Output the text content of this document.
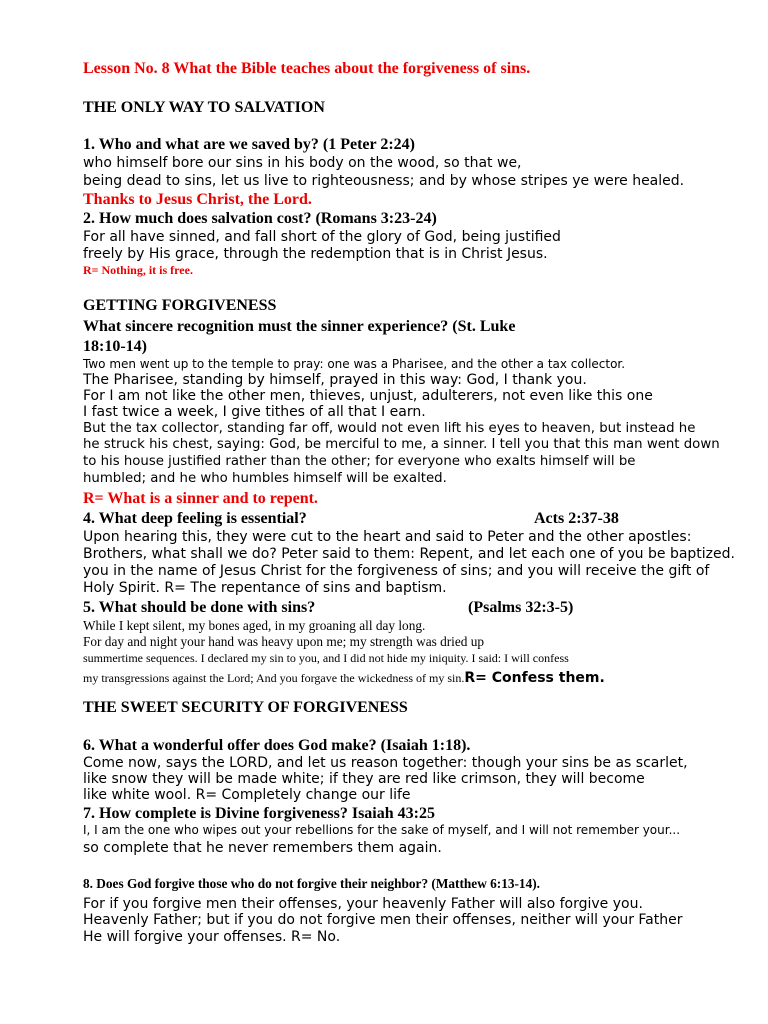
Lesson No. 8 What the Bible teaches about the forgiveness of sins.
THE ONLY WAY TO SALVATION
1. Who and what are we saved by? (1 Peter 2:24)
who himself bore our sins in his body on the wood, so that we,
being dead to sins, let us live to righteousness; and by whose stripes ye were healed.
Thanks to Jesus Christ, the Lord.
2. How much does salvation cost? (Romans 3:23-24)
For all have sinned, and fall short of the glory of God, being justified
freely by His grace, through the redemption that is in Christ Jesus.
R= Nothing, it is free.
GETTING FORGIVENESS
What sincere recognition must the sinner experience? (St. Luke
18:10-14)
Two men went up to the temple to pray: one was a Pharisee, and the other a tax collector.
The Pharisee, standing by himself, prayed in this way: God, I thank you.
For I am not like the other men, thieves, unjust, adulterers, not even like this one
I fast twice a week, I give tithes of all that I earn.
But the tax collector, standing far off, would not even lift his eyes to heaven, but instead he
he struck his chest, saying: God, be merciful to me, a sinner. I tell you that this man went down
to his house justified rather than the other; for everyone who exalts himself will be
humbled; and he who humbles himself will be exalted.
R= What is a sinner and to repent.
4. What deep feeling is essential?	Acts 2:37-38
Upon hearing this, they were cut to the heart and said to Peter and the other apostles:
Brothers, what shall we do? Peter said to them: Repent, and let each one of you be baptized.
you in the name of Jesus Christ for the forgiveness of sins; and you will receive the gift of
Holy Spirit. R= The repentance of sins and baptism.
5. What should be done with sins?	(Psalms 32:3-5)
While I kept silent, my bones aged, in my groaning all day long.
For day and night your hand was heavy upon me; my strength was dried up
summertime sequences. I declared my sin to you, and I did not hide my iniquity. I said: I will confess
my transgressions against the Lord; And you forgave the wickedness of my sin.R= Confess them.
THE SWEET SECURITY OF FORGIVENESS
6. What a wonderful offer does God make? (Isaiah 1:18).
Come now, says the LORD, and let us reason together: though your sins be as scarlet,
like snow they will be made white; if they are red like crimson, they will become
like white wool. R= Completely change our life
7. How complete is Divine forgiveness? Isaiah 43:25
I, I am the one who wipes out your rebellions for the sake of myself, and I will not remember your...
so complete that he never remembers them again.
8. Does God forgive those who do not forgive their neighbor? (Matthew 6:13-14).
For if you forgive men their offenses, your heavenly Father will also forgive you.
Heavenly Father; but if you do not forgive men their offenses, neither will your Father
He will forgive your offenses. R= No.
